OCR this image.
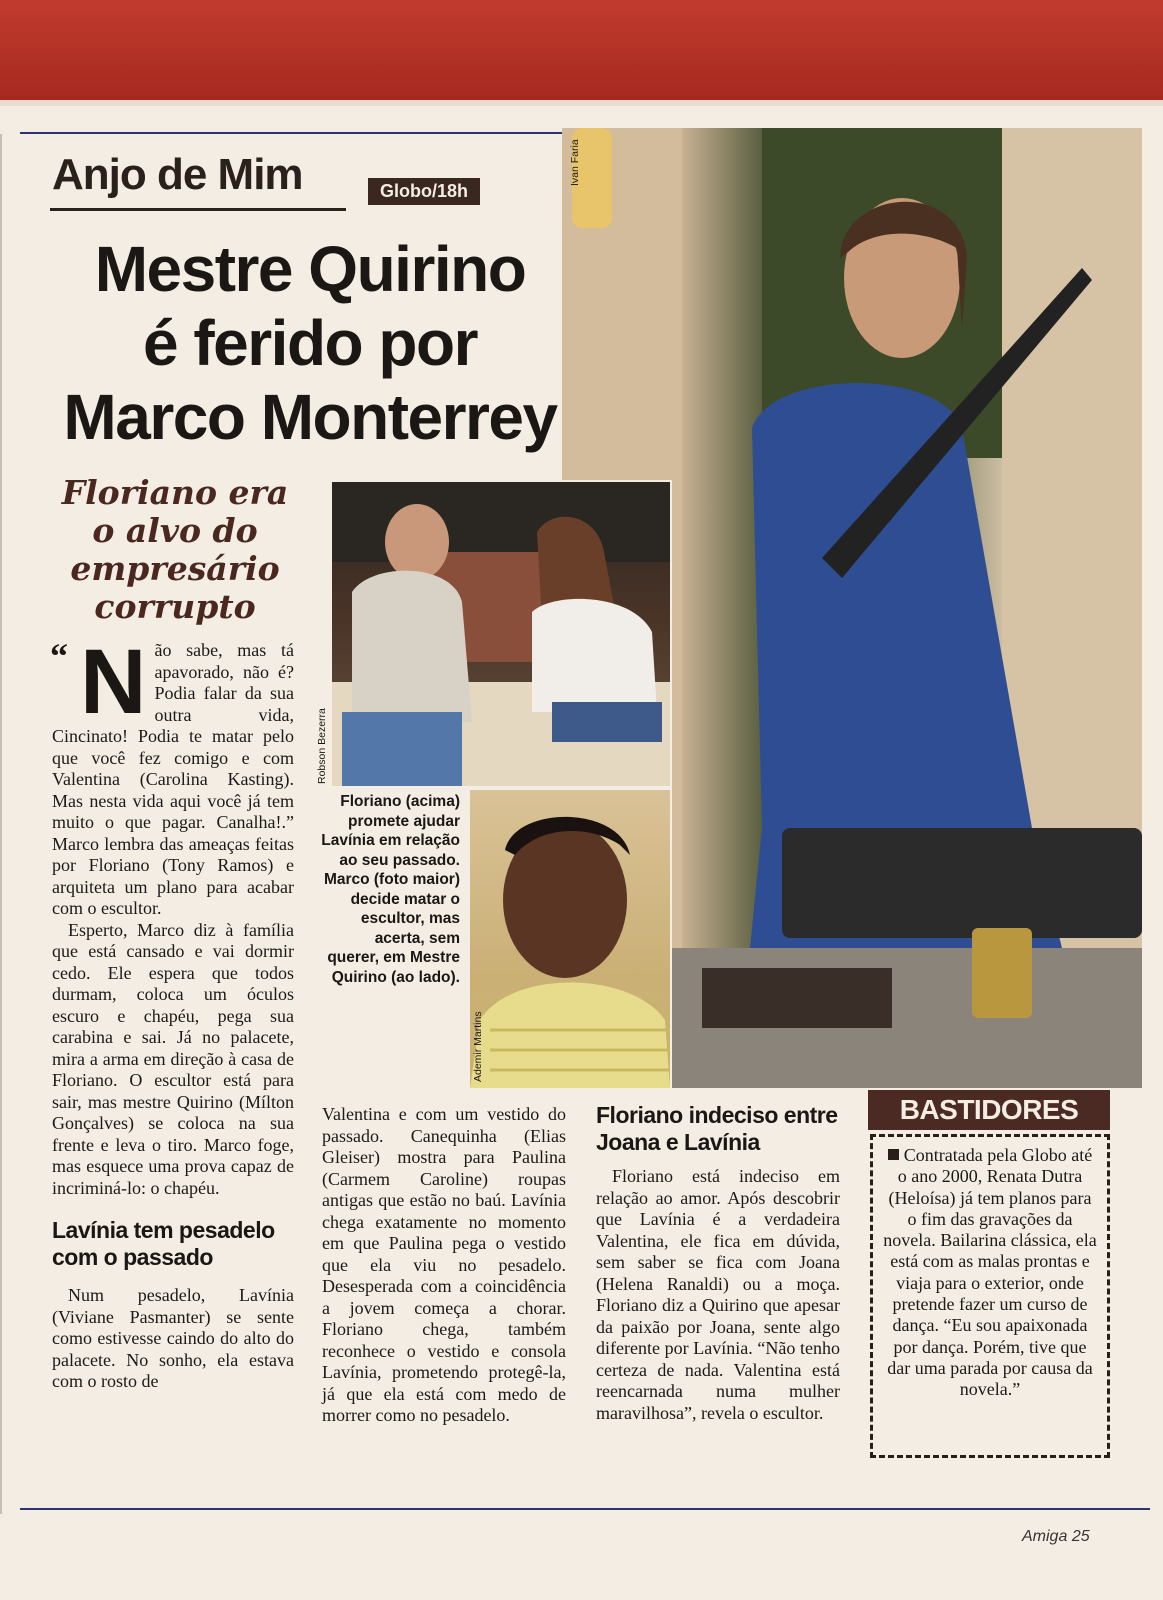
Ivan Faria
Robson Bezerra
Ademir Martins
Anjo de Mim	Globo/18h
Mestre Quirino
é ferido por
Marco Monterrey
Floriano era
o alvo do
empresário
corrupto

“ N ão sabe, mas tá apavorado, não é? Podia falar da sua outra vida, Cincinato! Podia te matar pelo que você fez comigo e com Valentina (Carolina Kasting). Mas nesta vida aqui você já tem muito o que pagar. Canalha!.” Marco lembra das ameaças feitas por Floriano (Tony Ramos) e arquiteta um plano para acabar com o escultor.

Esperto, Marco diz à família que está cansado e vai dormir cedo. Ele espera que todos durmam, coloca um óculos escuro e chapéu, pega sua carabina e sai. Já no palacete, mira a arma em direção à casa de Floriano. O escultor está para sair, mas mestre Quirino (Mílton Gonçalves) se coloca na sua frente e leva o tiro. Marco foge, mas esquece uma prova capaz de incriminá-lo: o chapéu.

Lavínia tem pesadelo com o passado

Num pesadelo, Lavínia (Viviane Pasmanter) se sente como estivesse caindo do alto do palacete. No sonho, ela estava com o rosto de

Floriano (acima) promete ajudar Lavínia em relação ao seu passado. Marco (foto maior) decide matar o escultor, mas acerta, sem querer, em Mestre Quirino (ao lado).

Valentina e com um vestido do passado. Canequinha (Elias Gleiser) mostra para Paulina (Carmem Caroline) roupas antigas que estão no baú. Lavínia chega exatamente no momento em que Paulina pega o vestido que ela viu no pesadelo. Desesperada com a coincidência a jovem começa a chorar. Floriano chega, também reconhece o vestido e consola Lavínia, prometendo protegê-la, já que ela está com medo de morrer como no pesadelo.

Floriano indeciso entre Joana e Lavínia

Floriano está indeciso em relação ao amor. Após descobrir que Lavínia é a verdadeira Valentina, ele fica em dúvida, sem saber se fica com Joana (Helena Ranaldi) ou a moça. Floriano diz a Quirino que apesar da paixão por Joana, sente algo diferente por Lavínia. “Não tenho certeza de nada. Valentina está reencarnada numa mulher maravilhosa”, revela o escultor.

BASTIDORES
Contratada pela Globo até o ano 2000, Renata Dutra (Heloísa) já tem planos para o fim das gravações da novela. Bailarina clássica, ela está com as malas prontas e viaja para o exterior, onde pretende fazer um curso de dança. “Eu sou apaixonada por dança. Porém, tive que dar uma parada por causa da novela.”
Amiga 25
